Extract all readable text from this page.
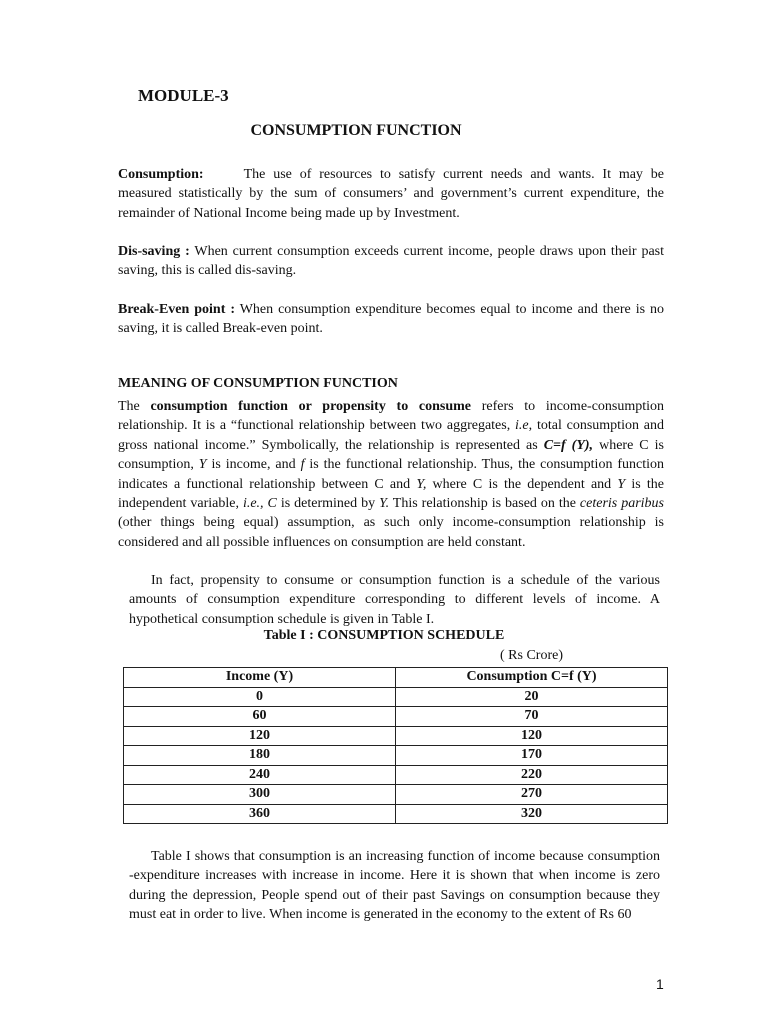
MODULE-3
CONSUMPTION FUNCTION

Consumption:	The use of resources to satisfy current needs and wants. It may be measured statistically by the sum of consumers’ and government’s current expenditure, the remainder of National Income being made up by Investment.

Dis-saving : When current consumption exceeds current income, people draws upon their past saving, this is called dis-saving.

Break-Even point : When consumption expenditure becomes equal to income and there is no saving, it is called Break-even point.

MEANING OF CONSUMPTION FUNCTION

The consumption function or propensity to consume refers to income-consumption relationship. It is a “functional relationship between two aggregates, i.e, total consumption and gross national income.” Symbolically, the relationship is represented as C=f (Y), where C is consumption, Y is income, and f is the functional relationship. Thus, the consumption function indicates a functional relationship between C and Y, where C is the dependent and Y is the independent variable, i.e., C is determined by Y. This relationship is based on the ceteris paribus (other things being equal) assumption, as such only income-consumption relationship is considered and all possible influences on consumption are held constant.

In fact, propensity to consume or consumption function is a schedule of the various amounts of consumption expenditure corresponding to different levels of income. A hypothetical consumption schedule is given in Table I.

Table I : CONSUMPTION SCHEDULE
( Rs Crore)
Income (Y)	Consumption C=f (Y)
0	20
60	70
120	120
180	170
240	220
300	270
360	320

Table I shows that consumption is an increasing function of income because consumption -expenditure increases with increase in income. Here it is shown that when income is zero during the depression, People spend out of their past Savings on consumption because they must eat in order to live. When income is generated in the economy to the extent of Rs 60

1
